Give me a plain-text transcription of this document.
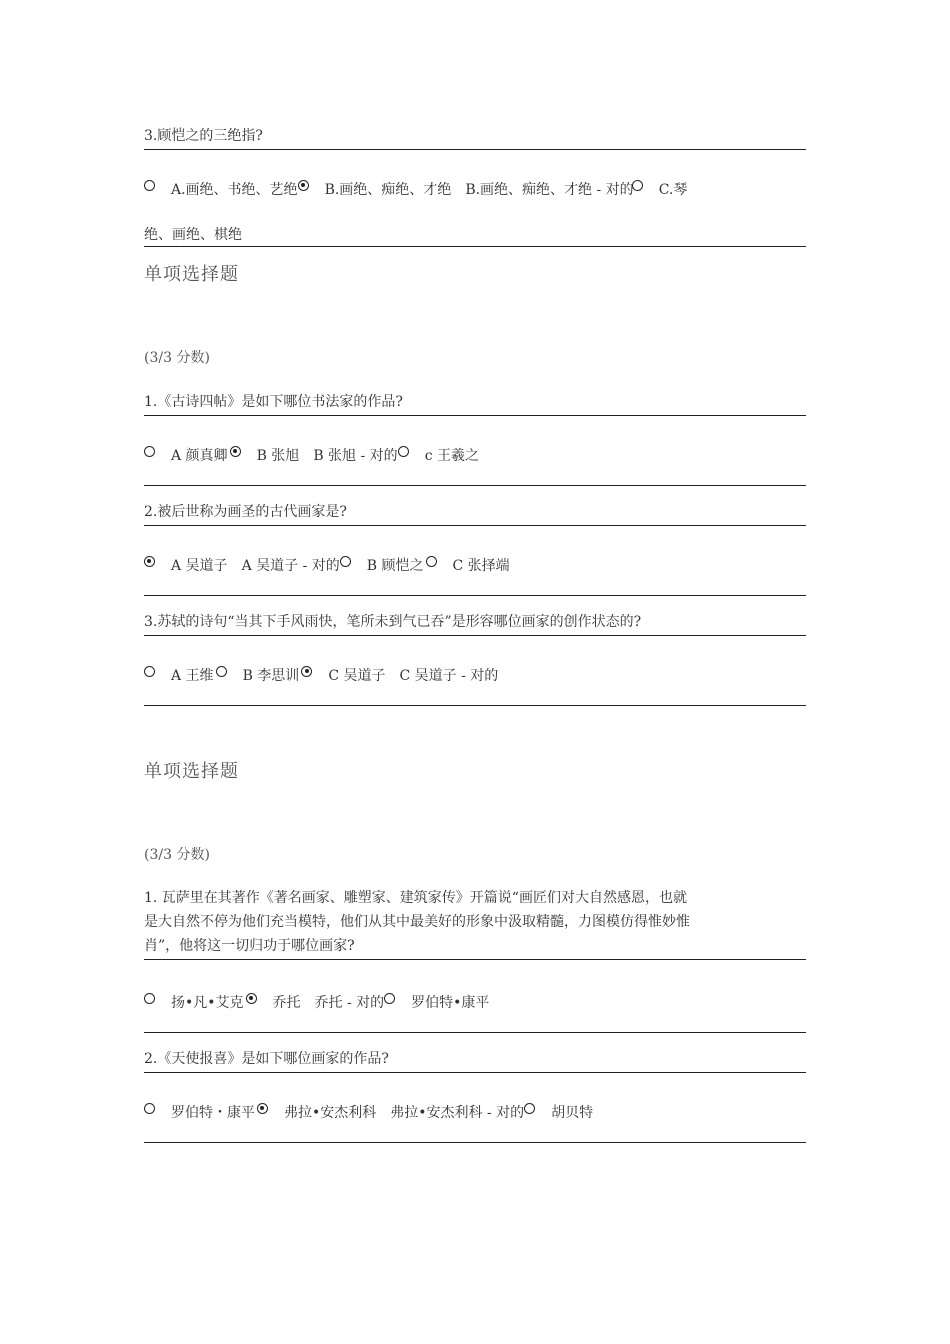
3.顾恺之的三绝指?

A.画绝、书绝、艺绝 B.画绝、痴绝、才绝 B.画绝、痴绝、才绝 - 对的 C.琴
绝、画绝、棋绝
单项选择题
(3/3 分数)

1.《古诗四帖》是如下哪位书法家的作品?

A 颜真卿 B 张旭 B 张旭 - 对的 c 王羲之

2.被后世称为画圣的古代画家是?

A 吴道子 A 吴道子 - 对的 B 顾恺之 C 张择端

3.苏轼的诗句“当其下手风雨快，笔所未到气已吞”是形容哪位画家的创作状态的?

A 王维 B 李思训 C 吴道子 C 吴道子 - 对的
单项选择题
(3/3 分数)

1. 瓦萨里在其著作《著名画家、雕塑家、建筑家传》开篇说“画匠们对大自然感恩，也就

是大自然不停为他们充当模特，他们从其中最美好的形象中汲取精髓，力图模仿得惟妙惟

肖”，他将这一切归功于哪位画家?

扬•凡•艾克 乔托 乔托 - 对的 罗伯特•康平

2.《天使报喜》是如下哪位画家的作品?

罗伯特・康平 弗拉•安杰利科 弗拉•安杰利科 - 对的 胡贝特
